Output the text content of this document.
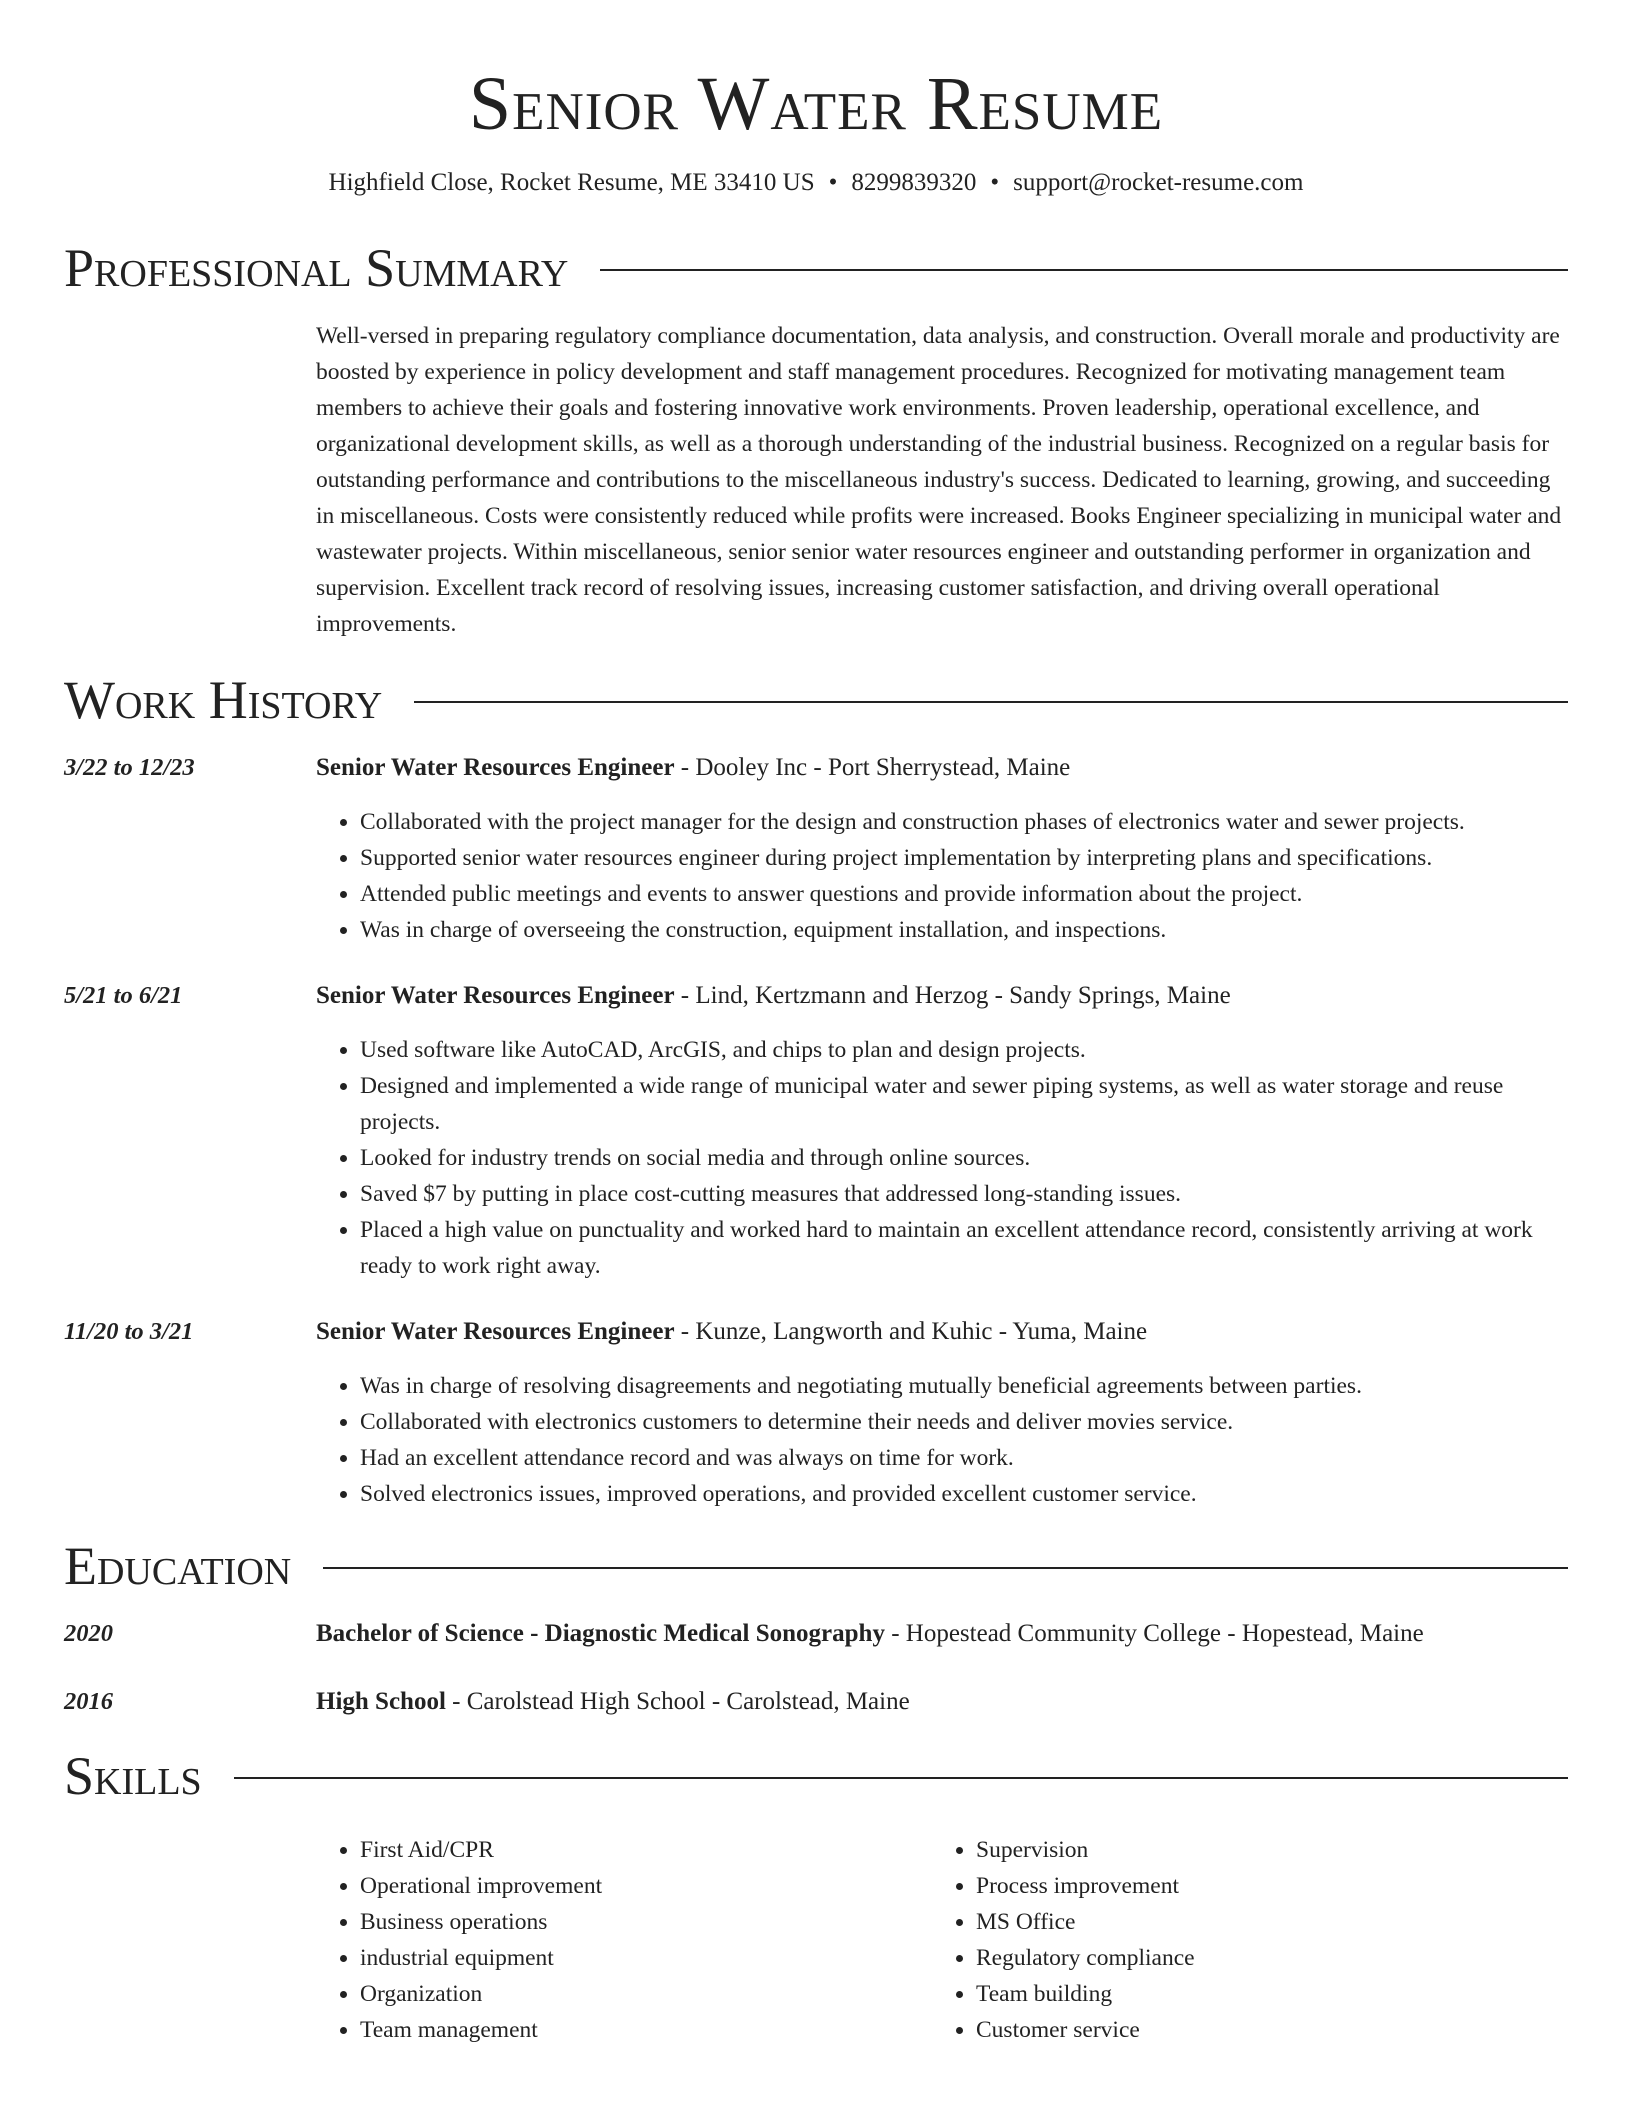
Senior Water Resume
Highfield Close, Rocket Resume, ME 33410 US • 8299839320 • support@rocket-resume.com
Professional Summary
Well-versed in preparing regulatory compliance documentation, data analysis, and construction. Overall morale and productivity are boosted by experience in policy development and staff management procedures. Recognized for motivating management team members to achieve their goals and fostering innovative work environments. Proven leadership, operational excellence, and organizational development skills, as well as a thorough understanding of the industrial business. Recognized on a regular basis for outstanding performance and contributions to the miscellaneous industry's success. Dedicated to learning, growing, and succeeding in miscellaneous. Costs were consistently reduced while profits were increased. Books Engineer specializing in municipal water and wastewater projects. Within miscellaneous, senior senior water resources engineer and outstanding performer in organization and supervision. Excellent track record of resolving issues, increasing customer satisfaction, and driving overall operational improvements.
Work History
3/22 to 12/23	Senior Water Resources Engineer - Dooley Inc - Port Sherrystead, Maine
• Collaborated with the project manager for the design and construction phases of electronics water and sewer projects.
• Supported senior water resources engineer during project implementation by interpreting plans and specifications.
• Attended public meetings and events to answer questions and provide information about the project.
• Was in charge of overseeing the construction, equipment installation, and inspections.
5/21 to 6/21	Senior Water Resources Engineer - Lind, Kertzmann and Herzog - Sandy Springs, Maine
• Used software like AutoCAD, ArcGIS, and chips to plan and design projects.
• Designed and implemented a wide range of municipal water and sewer piping systems, as well as water storage and reuse projects.
• Looked for industry trends on social media and through online sources.
• Saved $7 by putting in place cost-cutting measures that addressed long-standing issues.
• Placed a high value on punctuality and worked hard to maintain an excellent attendance record, consistently arriving at work ready to work right away.
11/20 to 3/21	Senior Water Resources Engineer - Kunze, Langworth and Kuhic - Yuma, Maine
• Was in charge of resolving disagreements and negotiating mutually beneficial agreements between parties.
• Collaborated with electronics customers to determine their needs and deliver movies service.
• Had an excellent attendance record and was always on time for work.
• Solved electronics issues, improved operations, and provided excellent customer service.
Education
2020	Bachelor of Science - Diagnostic Medical Sonography - Hopestead Community College - Hopestead, Maine
2016	High School - Carolstead High School - Carolstead, Maine
Skills
• First Aid/CPR
• Operational improvement
• Business operations
• industrial equipment
• Organization
• Team management
• Supervision
• Process improvement
• MS Office
• Regulatory compliance
• Team building
• Customer service
